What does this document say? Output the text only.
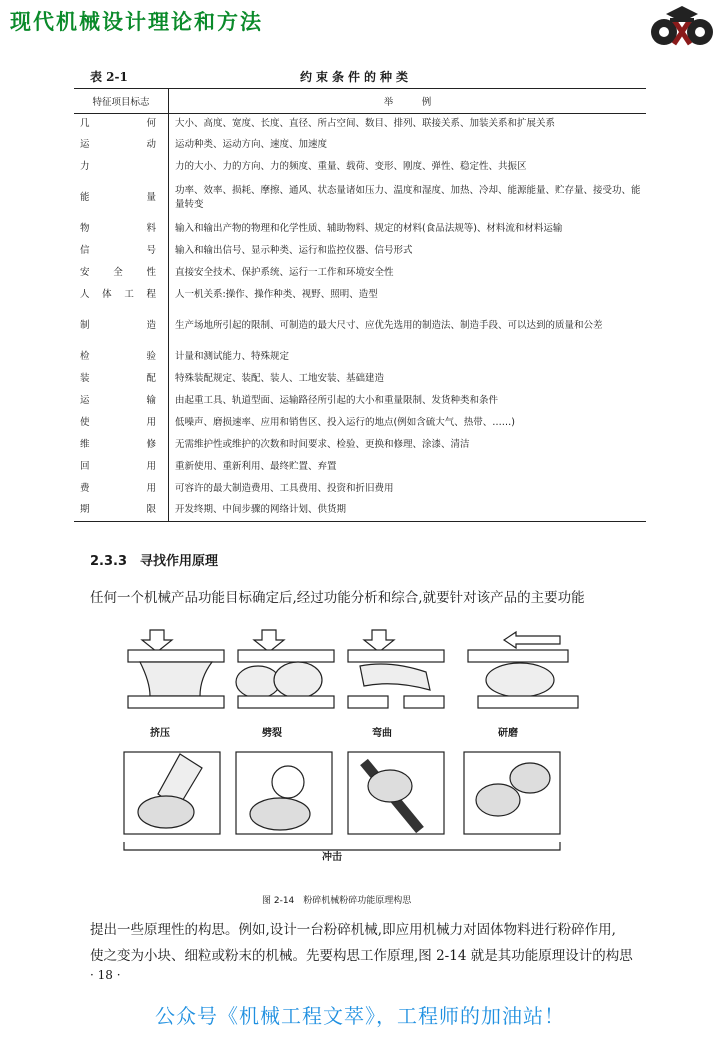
现代机械设计理论和方法
表 2-1	约束条件的种类
特征项目标志	举　　　例
几何	大小、高度、宽度、长度、直径、所占空间、数目、排列、联接关系、加装关系和扩展关系
运动	运动种类、运动方向、速度、加速度
力	力的大小、力的方向、力的频度、重量、载荷、变形、刚度、弹性、稳定性、共振区
能量	功率、效率、损耗、摩擦、通风、状态量诸如压力、温度和湿度、加热、冷却、能源能量、贮存量、接受功、能量转变
物料	输入和输出产物的物理和化学性质、辅助物料、规定的材料(食品法规等)、材料流和材料运输
信号	输入和输出信号、显示种类、运行和监控仪器、信号形式
安全性	直接安全技术、保护系统、运行一工作和环境安全性
人体工程	人一机关系:操作、操作种类、视野、照明、造型
制造	生产场地所引起的限制、可制造的最大尺寸、应优先选用的制造法、制造手段、可以达到的质量和公差
检验	计量和测试能力、特殊规定
装配	特殊装配规定、装配、装人、工地安装、基础建造
运输	由起重工具、轨道型面、运输路径所引起的大小和重量限制、发货种类和条件
使用	低噪声、磨损速率、应用和销售区、投入运行的地点(例如含硫大气、热带、……)
维修	无需维护性或维护的次数和时间要求、检验、更换和修理、涂漆、清洁
回用	重新使用、重新利用、最终贮置、弃置
费用	可容许的最大制造费用、工具费用、投资和折旧费用
期限	开发终期、中间步骤的网络计划、供货期
2.3.3　寻找作用原理
任何一个机械产品功能目标确定后,经过功能分析和综合,就要针对该产品的主要功能
挤压	劈裂	弯曲	研磨
冲击
图 2-14　粉碎机械粉碎功能原理构思
提出一些原理性的构思。例如,设计一台粉碎机械,即应用机械力对固体物料进行粉碎作用,
使之变为小块、细粒或粉末的机械。先要构思工作原理,图 2-14 就是其功能原理设计的构思
· 18 ·
公众号《机械工程文萃》，工程师的加油站！
